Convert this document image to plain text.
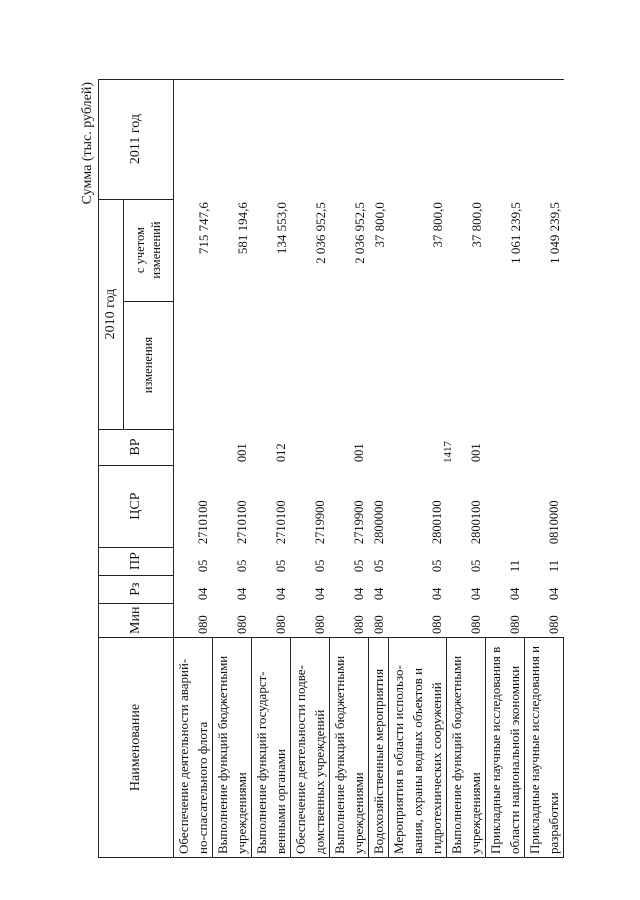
1417
Сумма (тыс. рублей)
Наименование	Мин	Рз	ПР	ЦСР	ВР	2010 год		2011 год
						изменения	с учетом изменений	
Обеспечение деятельности аварий-но-спасательного флота	080	04	05	2710100			715 747,6	
Выполнение функций бюджетными учреждениями	080	04	05	2710100	001		581 194,6	
Выполнение функций государст-венными органами	080	04	05	2710100	012		134 553,0	
Обеспечение деятельности подве-домственных учреждений	080	04	05	2719900			2 036 952,5	
Выполнение функций бюджетными учреждениями	080	04	05	2719900	001		2 036 952,5	
Водохозяйственные мероприятия	080	04	05	2800000			37 800,0	
Мероприятия в области использо-вания, охраны водных объектов и гидротехнических сооружений	080	04	05	2800100			37 800,0	
Выполнение функций бюджетными учреждениями	080	04	05	2800100	001		37 800,0	
Прикладные научные исследования в области национальной экономики	080	04	11				1 061 239,5	
Прикладные научные исследования и разработки	080	04	11	0810000			1 049 239,5	
